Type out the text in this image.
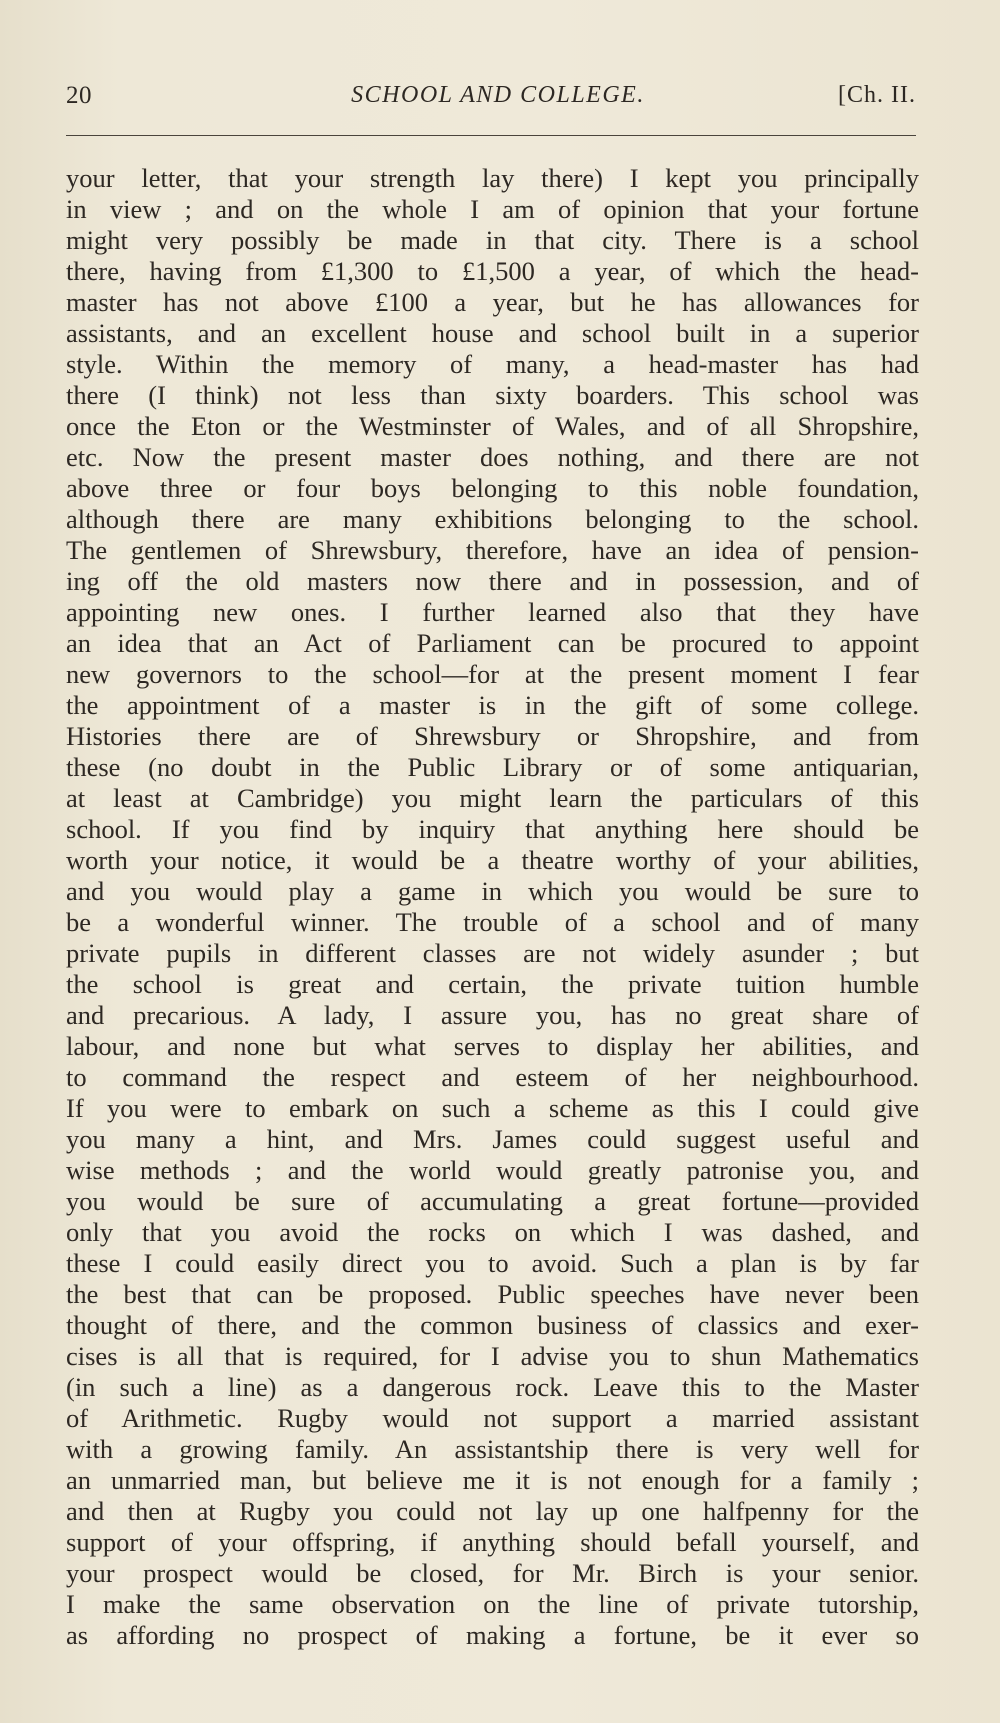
20	SCHOOL AND COLLEGE.	[Ch. II.
your letter, that your strength lay there) I kept you principally
in view ; and on the whole I am of opinion that your fortune
might very possibly be made in that city. There is a school
there, having from £1,300 to £1,500 a year, of which the head-
master has not above £100 a year, but he has allowances for
assistants, and an excellent house and school built in a superior
style. Within the memory of many, a head-master has had
there (I think) not less than sixty boarders. This school was
once the Eton or the Westminster of Wales, and of all Shropshire,
etc. Now the present master does nothing, and there are not
above three or four boys belonging to this noble foundation,
although there are many exhibitions belonging to the school.
The gentlemen of Shrewsbury, therefore, have an idea of pension-
ing off the old masters now there and in possession, and of
appointing new ones. I further learned also that they have
an idea that an Act of Parliament can be procured to appoint
new governors to the school—for at the present moment I fear
the appointment of a master is in the gift of some college.
Histories there are of Shrewsbury or Shropshire, and from
these (no doubt in the Public Library or of some antiquarian,
at least at Cambridge) you might learn the particulars of this
school. If you find by inquiry that anything here should be
worth your notice, it would be a theatre worthy of your abilities,
and you would play a game in which you would be sure to
be a wonderful winner. The trouble of a school and of many
private pupils in different classes are not widely asunder ; but
the school is great and certain, the private tuition humble
and precarious. A lady, I assure you, has no great share of
labour, and none but what serves to display her abilities, and
to command the respect and esteem of her neighbourhood.
If you were to embark on such a scheme as this I could give
you many a hint, and Mrs. James could suggest useful and
wise methods ; and the world would greatly patronise you, and
you would be sure of accumulating a great fortune—provided
only that you avoid the rocks on which I was dashed, and
these I could easily direct you to avoid. Such a plan is by far
the best that can be proposed. Public speeches have never been
thought of there, and the common business of classics and exer-
cises is all that is required, for I advise you to shun Mathematics
(in such a line) as a dangerous rock. Leave this to the Master
of Arithmetic. Rugby would not support a married assistant
with a growing family. An assistantship there is very well for
an unmarried man, but believe me it is not enough for a family ;
and then at Rugby you could not lay up one halfpenny for the
support of your offspring, if anything should befall yourself, and
your prospect would be closed, for Mr. Birch is your senior.
I make the same observation on the line of private tutorship,
as affording no prospect of making a fortune, be it ever so
